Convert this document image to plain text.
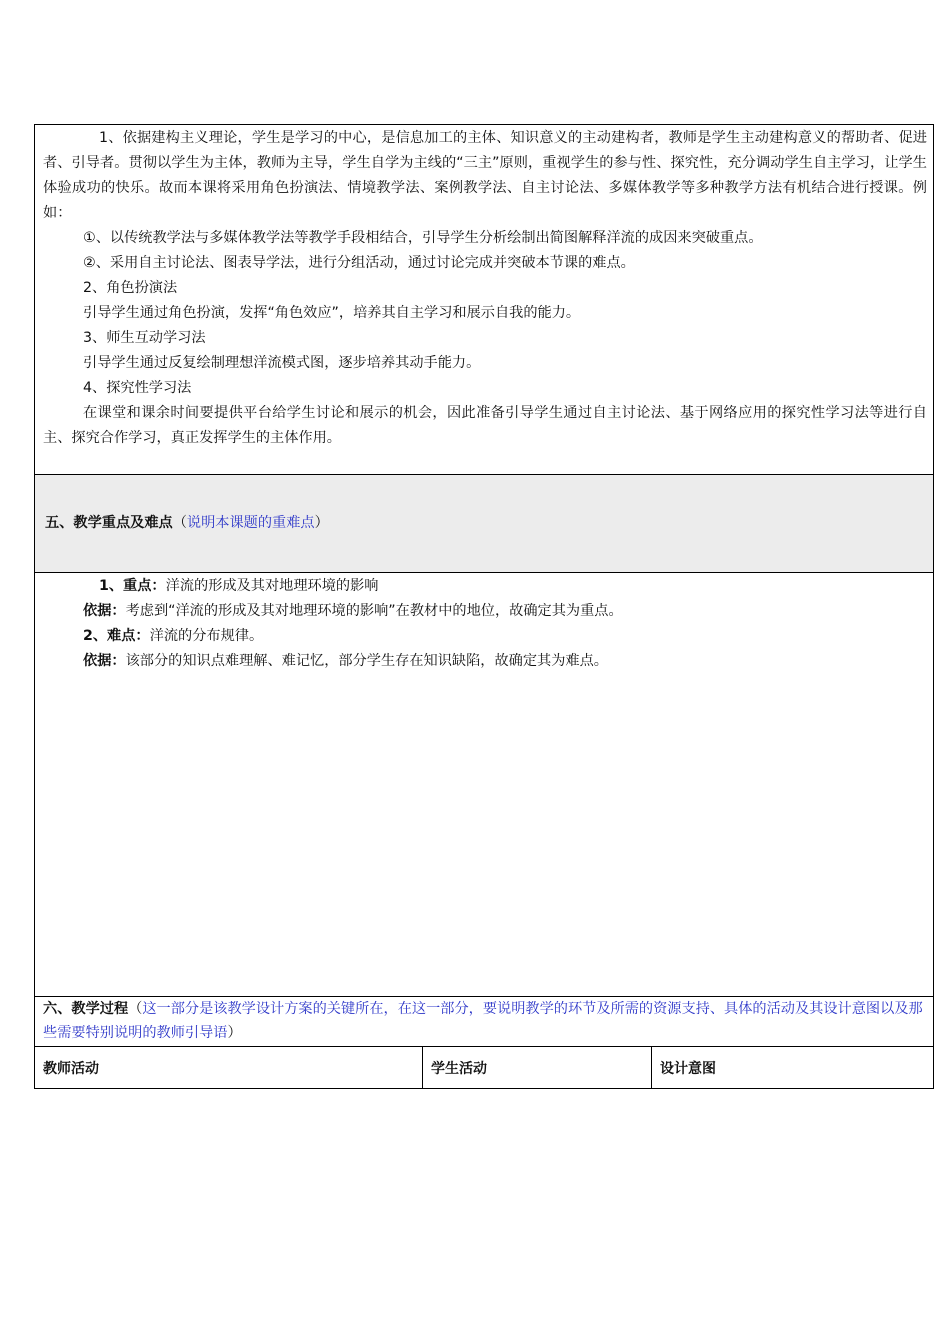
1、依据建构主义理论，学生是学习的中心，是信息加工的主体、知识意义的主动建构者，教师是学生主动建构意义的帮助者、促进者、引导者。贯彻以学生为主体，教师为主导，学生自学为主线的“三主”原则，重视学生的参与性、探究性，充分调动学生自主学习，让学生体验成功的快乐。故而本课将采用角色扮演法、情境教学法、案例教学法、自主讨论法、多媒体教学等多种教学方法有机结合进行授课。例如：

①、以传统教学法与多媒体教学法等教学手段相结合，引导学生分析绘制出简图解释洋流的成因来突破重点。

②、采用自主讨论法、图表导学法，进行分组活动，通过讨论完成并突破本节课的难点。

2、角色扮演法

引导学生通过角色扮演，发挥“角色效应”，培养其自主学习和展示自我的能力。

3、师生互动学习法

引导学生通过反复绘制理想洋流模式图，逐步培养其动手能力。

4、探究性学习法

在课堂和课余时间要提供平台给学生讨论和展示的机会，因此准备引导学生通过自主讨论法、基于网络应用的探究性学习法等进行自主、探究合作学习，真正发挥学生的主体作用。

五、教学重点及难点（说明本课题的重难点）

1、重点：洋流的形成及其对地理环境的影响

依据：考虑到“洋流的形成及其对地理环境的影响”在教材中的地位，故确定其为重点。

2、难点：洋流的分布规律。

依据：该部分的知识点难理解、难记忆，部分学生存在知识缺陷，故确定其为难点。

六、教学过程（这一部分是该教学设计方案的关键所在，在这一部分，要说明教学的环节及所需的资源支持、具体的活动及其设计意图以及那些需要特别说明的教师引导语）

教师活动	学生活动	设计意图
